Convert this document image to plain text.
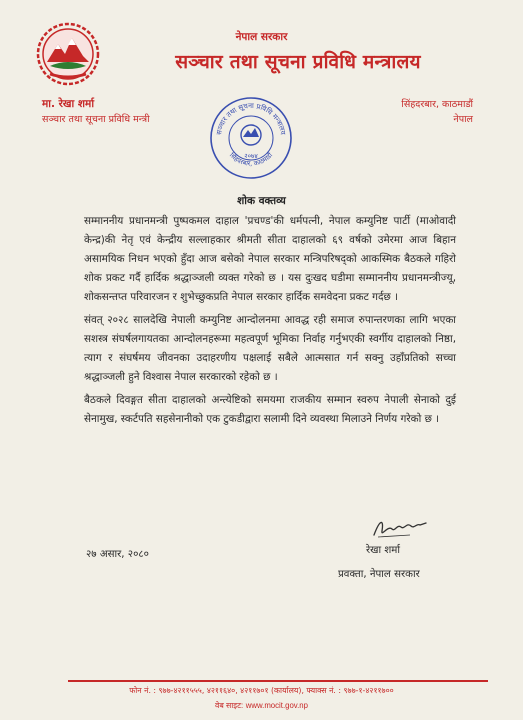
नेपाल सरकार
सञ्चार तथा सूचना प्रविधि मन्त्रालय
मा. रेखा शर्मा
सञ्चार तथा सूचना प्रविधि मन्त्री
सिंहदरबार, काठमाडौं
नेपाल
सञ्चार तथा सूचना प्रविधि मन्त्रालय
सिंहदरबार, काठमाडौं
२०७४
शोक वक्तव्य

सम्माननीय प्रधानमन्त्री पुष्पकमल दाहाल 'प्रचण्ड'की धर्मपत्नी, नेपाल कम्युनिष्ट पार्टी (माओवादी केन्द्र)की नेतृ एवं केन्द्रीय सल्लाहकार श्रीमती सीता दाहालको ६९ वर्षको उमेरमा आज बिहान असामयिक निधन भएको हुँदा आज बसेको नेपाल सरकार मन्त्रिपरिषद्को आकस्मिक बैठकले गहिरो शोक प्रकट गर्दै हार्दिक श्रद्धाञ्जली व्यक्त गरेको छ । यस दुःखद घडीमा सम्माननीय प्रधानमन्त्रीज्यू, शोकसन्तप्त परिवारजन र शुभेच्छुकप्रति नेपाल सरकार हार्दिक समवेदना प्रकट गर्दछ ।

संवत् २०२८ सालदेखि नेपाली कम्युनिष्ट आन्दोलनमा आवद्ध रही समाज रुपान्तरणका लागि भएका सशस्त्र संघर्षलगायतका आन्दोलनहरूमा महत्वपूर्ण भूमिका निर्वाह गर्नुभएकी स्वर्गीय दाहालको निष्ठा, त्याग र संघर्षमय जीवनका उदाहरणीय पक्षलाई सबैले आत्मसात गर्न सक्नु उहाँप्रतिको सच्चा श्रद्धाञ्जली हुने विश्वास नेपाल सरकारको रहेको छ ।

बैठकले दिवङ्गत सीता दाहालको अन्त्येष्टिको समयमा राजकीय सम्मान स्वरुप नेपाली सेनाको दुई सेनामुख, स्कर्टपति सहसेनानीको एक टुकडीद्वारा सलामी दिने व्यवस्था मिलाउने निर्णय गरेको छ ।

रेखा शर्मा
२७ असार, २०८०
प्रवक्ता, नेपाल सरकार
फोन नं. : ९७७-४२११५५५, ४२११६४०, ४२११७०१ (कार्यालय), फ्याक्स नं. : ९७७-१-४२११७००
वेब साइट: www.mocit.gov.np
